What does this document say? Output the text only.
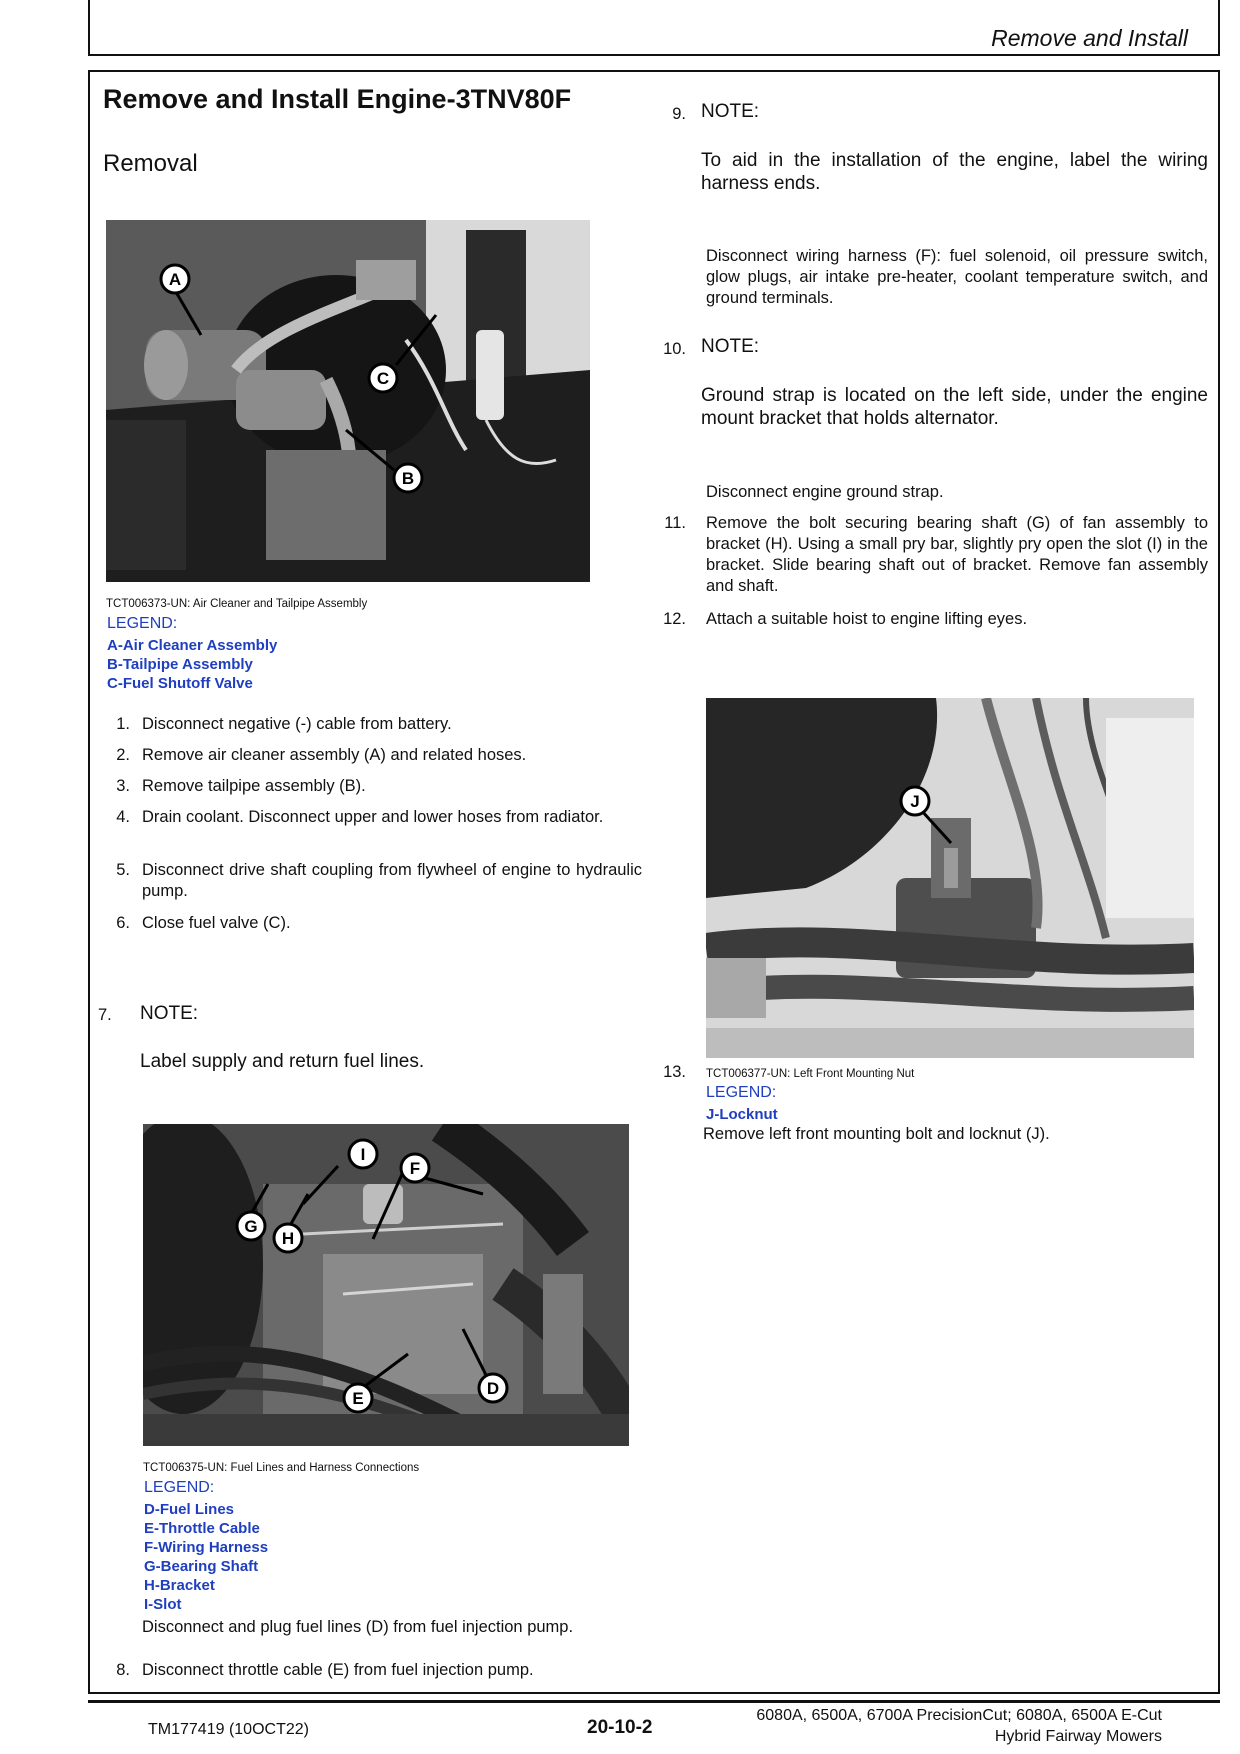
Remove and Install
Remove and Install Engine-3TNV80F
Removal
A
C
B
TCT006373-UN: Air Cleaner and Tailpipe Assembly
LEGEND:
A-Air Cleaner Assembly
B-Tailpipe Assembly
C-Fuel Shutoff Valve
1. Disconnect negative (-) cable from battery.
2. Remove air cleaner assembly (A) and related hoses.
3. Remove tailpipe assembly (B).
4. Drain coolant. Disconnect upper and lower hoses from radiator.
5. Disconnect drive shaft coupling from flywheel of engine to hydraulic pump.
6. Close fuel valve (C).
7.	NOTE:
Label supply and return fuel lines.
I
F
G
H
E
D
TCT006375-UN: Fuel Lines and Harness Connections
LEGEND:
D-Fuel Lines
E-Throttle Cable
F-Wiring Harness
G-Bearing Shaft
H-Bracket
I-Slot
Disconnect and plug fuel lines (D) from fuel injection pump.
8. Disconnect throttle cable (E) from fuel injection pump.
9. NOTE:
To aid in the installation of the engine, label the wiring harness ends.
Disconnect wiring harness (F): fuel solenoid, oil pressure switch, glow plugs, air intake pre-heater, coolant temperature switch, and ground terminals.
10. NOTE:
Ground strap is located on the left side, under the engine mount bracket that holds alternator.
Disconnect engine ground strap.
11. Remove the bolt securing bearing shaft (G) of fan assembly to bracket (H). Using a small pry bar, slightly pry open the slot (I) in the bracket. Slide bearing shaft out of bracket. Remove fan assembly and shaft.
12. Attach a suitable hoist to engine lifting eyes.
J
13. TCT006377-UN: Left Front Mounting Nut
LEGEND:
J-Locknut
Remove left front mounting bolt and locknut (J).
TM177419 (10OCT22)	20-10-2
6080A, 6500A, 6700A PrecisionCut; 6080A, 6500A E-Cut
Hybrid Fairway Mowers
